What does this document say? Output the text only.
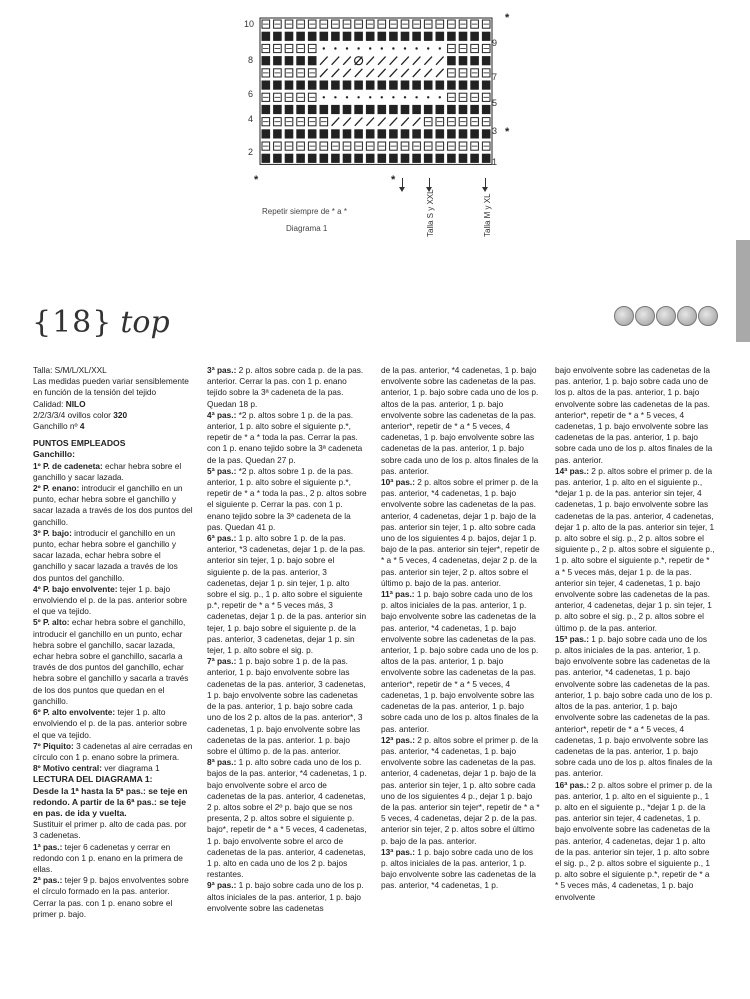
10
8
6
4
2
9
7
5
3
1
*
*
*	*
Repetir siempre de * a *
Diagrama 1	Talla S y XXL	Talla M y XL
{18} top

Talla: S/M/L/XL/XXL

Las medidas pueden variar sensiblemente en función de la tensión del tejido

Calidad: NILO

2/2/3/3/4 ovillos color 320

Ganchillo nº 4

PUNTOS EMPLEADOS

Ganchillo:

1º P. de cadeneta: echar hebra sobre el ganchillo y sacar lazada.

2º P. enano: introducir el ganchillo en un punto, echar hebra sobre el ganchillo y sacar lazada a través de los dos puntos del ganchillo.

3º P. bajo: introducir el ganchillo en un punto, echar hebra sobre el ganchillo y sacar lazada, echar hebra sobre el ganchillo y sacar lazada a través de los dos puntos del ganchillo.

4º P. bajo envolvente: tejer 1 p. bajo envolviendo el p. de la pas. anterior sobre el que va tejido.

5º P. alto: echar hebra sobre el ganchillo, introducir el ganchillo en un punto, echar hebra sobre el ganchillo, sacar lazada, echar hebra sobre el ganchillo, sacarla a través de dos puntos del ganchillo, echar hebra sobre el ganchillo y sacarla a través de los dos puntos que quedan en el ganchillo.

6º P. alto envolvente: tejer 1 p. alto envolviendo el p. de la pas. anterior sobre el que va tejido.

7º Piquito: 3 cadenetas al aire cerradas en círculo con 1 p. enano sobre la primera.

8º Motivo central: ver diagrama 1

LECTURA DEL DIAGRAMA 1:

Desde la 1ª hasta la 5ª pas.: se teje en redondo. A partir de la 6ª pas.: se teje en pas. de ida y vuelta.

Sustituir el primer p. alto de cada pas. por 3 cadenetas.

1ª pas.: tejer 6 cadenetas y cerrar en redondo con 1 p. enano en la primera de ellas.

2ª pas.: tejer 9 p. bajos envolventes sobre el círculo formado en la pas. anterior. Cerrar la pas. con 1 p. enano sobre el primer p. bajo.

3ª pas.: 2 p. altos sobre cada p. de la pas. anterior. Cerrar la pas. con 1 p. enano tejido sobre la 3ª cadeneta de la pas. Quedan 18 p.

4ª pas.: *2 p. altos sobre 1 p. de la pas. anterior, 1 p. alto sobre el siguiente p.*, repetir de * a * toda la pas. Cerrar la pas. con 1 p. enano tejido sobre la 3ª cadeneta de la pas. Quedan 27 p.

5ª pas.: *2 p. altos sobre 1 p. de la pas. anterior, 1 p. alto sobre el siguiente p.*, repetir de * a * toda la pas., 2 p. altos sobre el siguiente p. Cerrar la pas. con 1 p. enano tejido sobre la 3ª cadeneta de la pas. Quedan 41 p.

6ª pas.: 1 p. alto sobre 1 p. de la pas. anterior, *3 cadenetas, dejar 1 p. de la pas. anterior sin tejer, 1 p. bajo sobre el siguiente p. de la pas. anterior, 3 cadenetas, dejar 1 p. sin tejer, 1 p. alto sobre el sig. p., 1 p. alto sobre el siguiente p.*, repetir de * a * 5 veces más, 3 cadenetas, dejar 1 p. de la pas. anterior sin tejer, 1 p. bajo sobre el siguiente p. de la pas. anterior, 3 cadenetas, dejar 1 p. sin tejer, 1 p. alto sobre el sig. p.

7ª pas.: 1 p. bajo sobre 1 p. de la pas. anterior, 1 p. bajo envolvente sobre las cadenetas de la pas. anterior, 3 cadenetas, 1 p. bajo envolvente sobre las cadenetas de la pas. anterior, 1 p. bajo sobre cada uno de los 2 p. altos de la pas. anterior*, 3 cadenetas, 1 p. bajo envolvente sobre las cadenetas de la pas. anterior. 1 p. bajo sobre el último p. de la pas. anterior.

8ª pas.: 1 p. alto sobre cada uno de los p. bajos de la pas. anterior, *4 cadenetas, 1 p. bajo envolvente sobre el arco de cadenetas de la pas. anterior, 4 cadenetas, 2 p. altos sobre el 2º p. bajo que se nos presenta, 2 p. altos sobre el siguiente p. bajo*, repetir de * a * 5 veces, 4 cadenetas, 1 p. bajo envolvente sobre el arco de cadenetas de la pas. anterior, 4 cadenetas, 1 p. alto en cada uno de los 2 p. bajos restantes.

9ª pas.: 1 p. bajo sobre cada uno de los p. altos iniciales de la pas. anterior, 1 p. bajo envolvente sobre las cadenetas

de la pas. anterior, *4 cadenetas, 1 p. bajo envolvente sobre las cadenetas de la pas. anterior, 1 p. bajo sobre cada uno de los p. altos de la pas. anterior, 1 p. bajo envolvente sobre las cadenetas de la pas. anterior*, repetir de * a * 5 veces, 4 cadenetas, 1 p. bajo envolvente sobre las cadenetas de la pas. anterior, 1 p. bajo sobre cada uno de los p. altos finales de la pas. anterior.

10ª pas.: 2 p. altos sobre el primer p. de la pas. anterior, *4 cadenetas, 1 p. bajo envolvente sobre las cadenetas de la pas. anterior, 4 cadenetas, dejar 1 p. bajo de la pas. anterior sin tejer, 1 p. alto sobre cada uno de los siguientes 4 p. bajos, dejar 1 p. bajo de la pas. anterior sin tejer*, repetir de * a * 5 veces, 4 cadenetas, dejar 2 p. de la pas. anterior sin tejer, 2 p. altos sobre el último p. bajo de la pas. anterior.

11ª pas.: 1 p. bajo sobre cada uno de los p. altos iniciales de la pas. anterior, 1 p. bajo envolvente sobre las cadenetas de la pas. anterior, *4 cadenetas, 1 p. bajo envolvente sobre las cadenetas de la pas. anterior, 1 p. bajo sobre cada uno de los p. altos de la pas. anterior, 1 p. bajo envolvente sobre las cadenetas de la pas. anterior*, repetir de * a * 5 veces, 4 cadenetas, 1 p. bajo envolvente sobre las cadenetas de la pas. anterior, 1 p. bajo sobre cada uno de los p. altos finales de la pas. anterior.

12ª pas.: 2 p. altos sobre el primer p. de la pas. anterior, *4 cadenetas, 1 p. bajo envolvente sobre las cadenetas de la pas. anterior, 4 cadenetas, dejar 1 p. bajo de la pas. anterior sin tejer, 1 p. alto sobre cada uno de los siguientes 4 p., dejar 1 p. bajo de la pas. anterior sin tejer*, repetir de * a * 5 veces, 4 cadenetas, dejar 2 p. de la pas. anterior sin tejer, 2 p. altos sobre el último p. bajo de la pas. anterior.

13ª pas.: 1 p. bajo sobre cada uno de los p. altos iniciales de la pas. anterior, 1 p. bajo envolvente sobre las cadenetas de la pas. anterior, *4 cadenetas, 1 p.

bajo envolvente sobre las cadenetas de la pas. anterior, 1 p. bajo sobre cada uno de los p. altos de la pas. anterior, 1 p. bajo envolvente sobre las cadenetas de la pas. anterior*, repetir de * a * 5 veces, 4 cadenetas, 1 p. bajo envolvente sobre las cadenetas de la pas. anterior, 1 p. bajo sobre cada uno de los p. altos finales de la pas. anterior.

14ª pas.: 2 p. altos sobre el primer p. de la pas. anterior, 1 p. alto en el siguiente p., *dejar 1 p. de la pas. anterior sin tejer, 4 cadenetas, 1 p. bajo envolvente sobre las cadenetas de la pas. anterior, 4 cadenetas, dejar 1 p. alto de la pas. anterior sin tejer, 1 p. alto sobre el sig. p., 2 p. altos sobre el siguiente p., 2 p. altos sobre el siguiente p., 1 p. alto sobre el siguiente p.*, repetir de * a * 5 veces más, dejar 1 p. de la pas. anterior sin tejer, 4 cadenetas, 1 p. bajo envolvente sobre las cadenetas de la pas. anterior, 4 cadenetas, dejar 1 p. sin tejer, 1 p. alto sobre el sig. p., 2 p. altos sobre el último p. de la pas. anterior.

15ª pas.: 1 p. bajo sobre cada uno de los p. altos iniciales de la pas. anterior, 1 p. bajo envolvente sobre las cadenetas de la pas. anterior, *4 cadenetas, 1 p. bajo envolvente sobre las cadenetas de la pas. anterior, 1 p. bajo sobre cada uno de los p. altos de la pas. anterior, 1 p. bajo envolvente sobre las cadenetas de la pas. anterior*, repetir de * a * 5 veces, 4 cadenetas, 1 p. bajo envolvente sobre las cadenetas de la pas. anterior, 1 p. bajo sobre cada uno de los p. altos finales de la pas. anterior.

16ª pas.: 2 p. altos sobre el primer p. de la pas. anterior, 1 p. alto en el siguiente p., 1 p. alto en el siguiente p., *dejar 1 p. de la pas. anterior sin tejer, 4 cadenetas, 1 p. bajo envolvente sobre las cadenetas de la pas. anterior, 4 cadenetas, dejar 1 p. alto de la pas. anterior sin tejer, 1 p. alto sobre el sig. p., 2 p. altos sobre el siguiente p., 1 p. alto sobre el siguiente p.*, repetir de * a * 5 veces más, 4 cadenetas, 1 p. bajo envolvente
